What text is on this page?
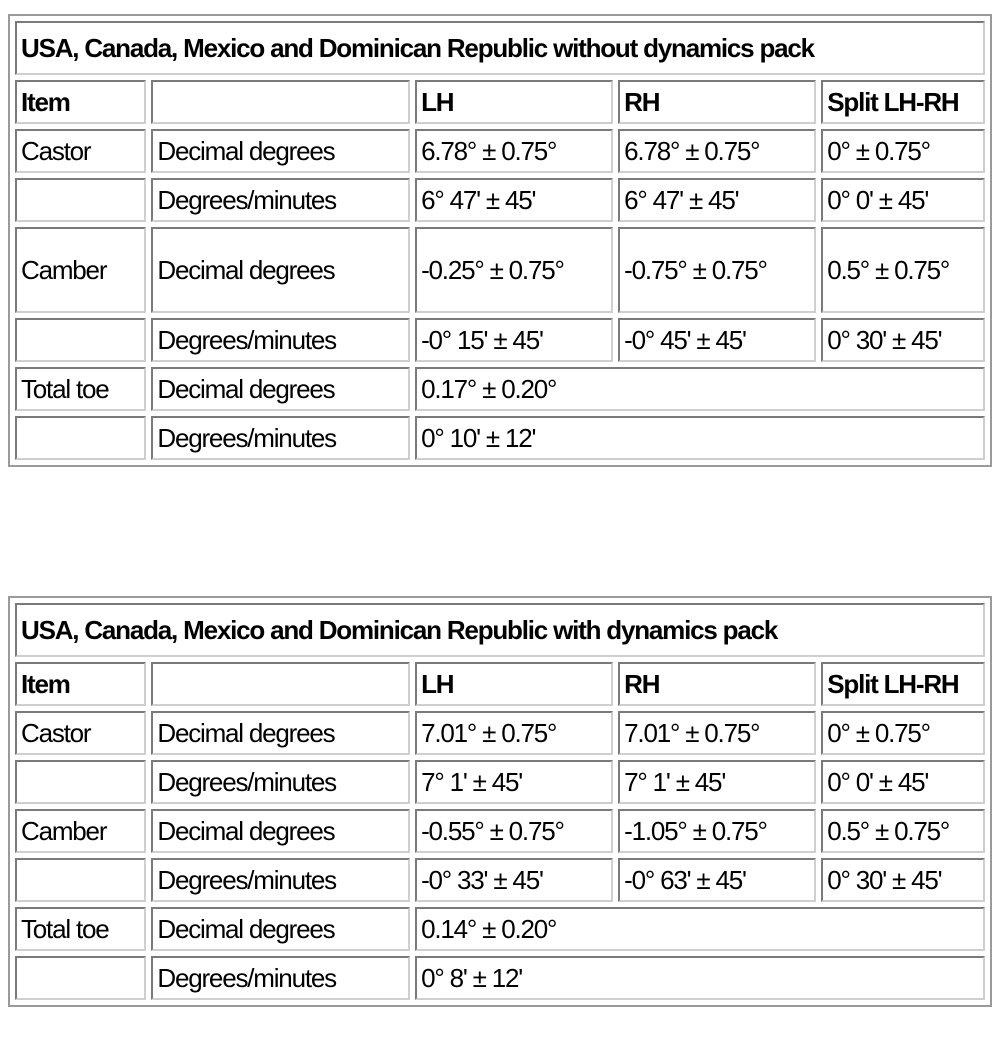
USA, Canada, Mexico and Dominican Republic without dynamics pack				
Item		LH	RH	Split LH-RH
Castor	Decimal degrees	6.78° ± 0.75°	6.78° ± 0.75°	0° ± 0.75°
	Degrees/minutes	6° 47' ± 45'	6° 47' ± 45'	0° 0' ± 45'
Camber	Decimal degrees	-0.25° ± 0.75°	-0.75° ± 0.75°	0.5° ± 0.75°
	Degrees/minutes	-0° 15' ± 45'	-0° 45' ± 45'	0° 30' ± 45'
Total toe	Decimal degrees	0.17° ± 0.20°		
	Degrees/minutes	0° 10' ± 12'		
USA, Canada, Mexico and Dominican Republic with dynamics pack				
Item		LH	RH	Split LH-RH
Castor	Decimal degrees	7.01° ± 0.75°	7.01° ± 0.75°	0° ± 0.75°
	Degrees/minutes	7° 1' ± 45'	7° 1' ± 45'	0° 0' ± 45'
Camber	Decimal degrees	-0.55° ± 0.75°	-1.05° ± 0.75°	0.5° ± 0.75°
	Degrees/minutes	-0° 33' ± 45'	-0° 63' ± 45'	0° 30' ± 45'
Total toe	Decimal degrees	0.14° ± 0.20°		
	Degrees/minutes	0° 8' ± 12'		
